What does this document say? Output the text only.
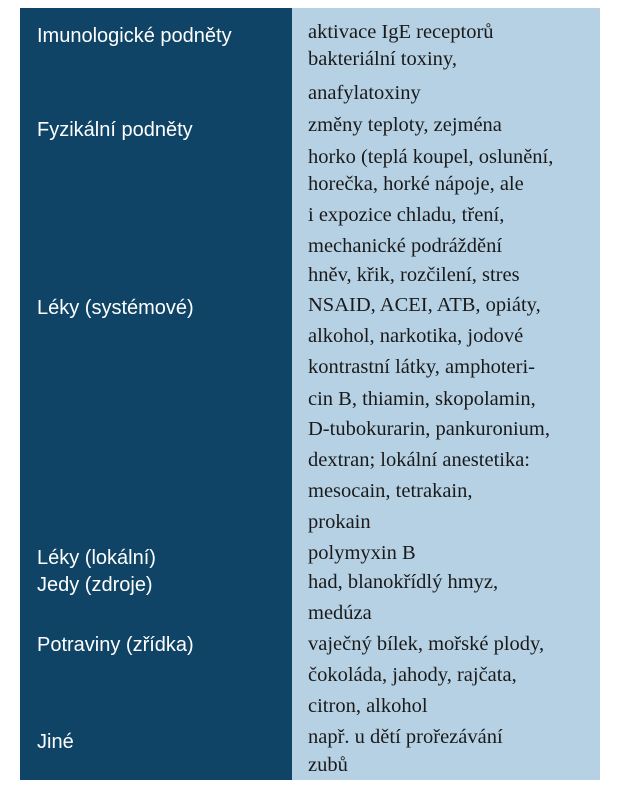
Imunologické podněty
Fyzikální podněty
Léky (systémové)
Léky (lokální)
Jedy (zdroje)
Potraviny (zřídka)
Jiné
aktivace IgE receptorů
bakteriální toxiny,
anafylatoxiny
změny teploty, zejména
horko (teplá koupel, oslunění,
horečka, horké nápoje, ale
i expozice chladu, tření,
mechanické podráždění
hněv, křik, rozčilení, stres
NSAID, ACEI, ATB, opiáty,
alkohol, narkotika, jodové
kontrastní látky, amphoteri-
cin B, thiamin, skopolamin,
D-tubokurarin, pankuronium,
dextran; lokální anestetika:
mesocain, tetrakain,
prokain
polymyxin B
had, blanokřídlý hmyz,
medúza
vaječný bílek, mořské plody,
čokoláda, jahody, rajčata,
citron, alkohol
např. u dětí prořezávání
zubů
